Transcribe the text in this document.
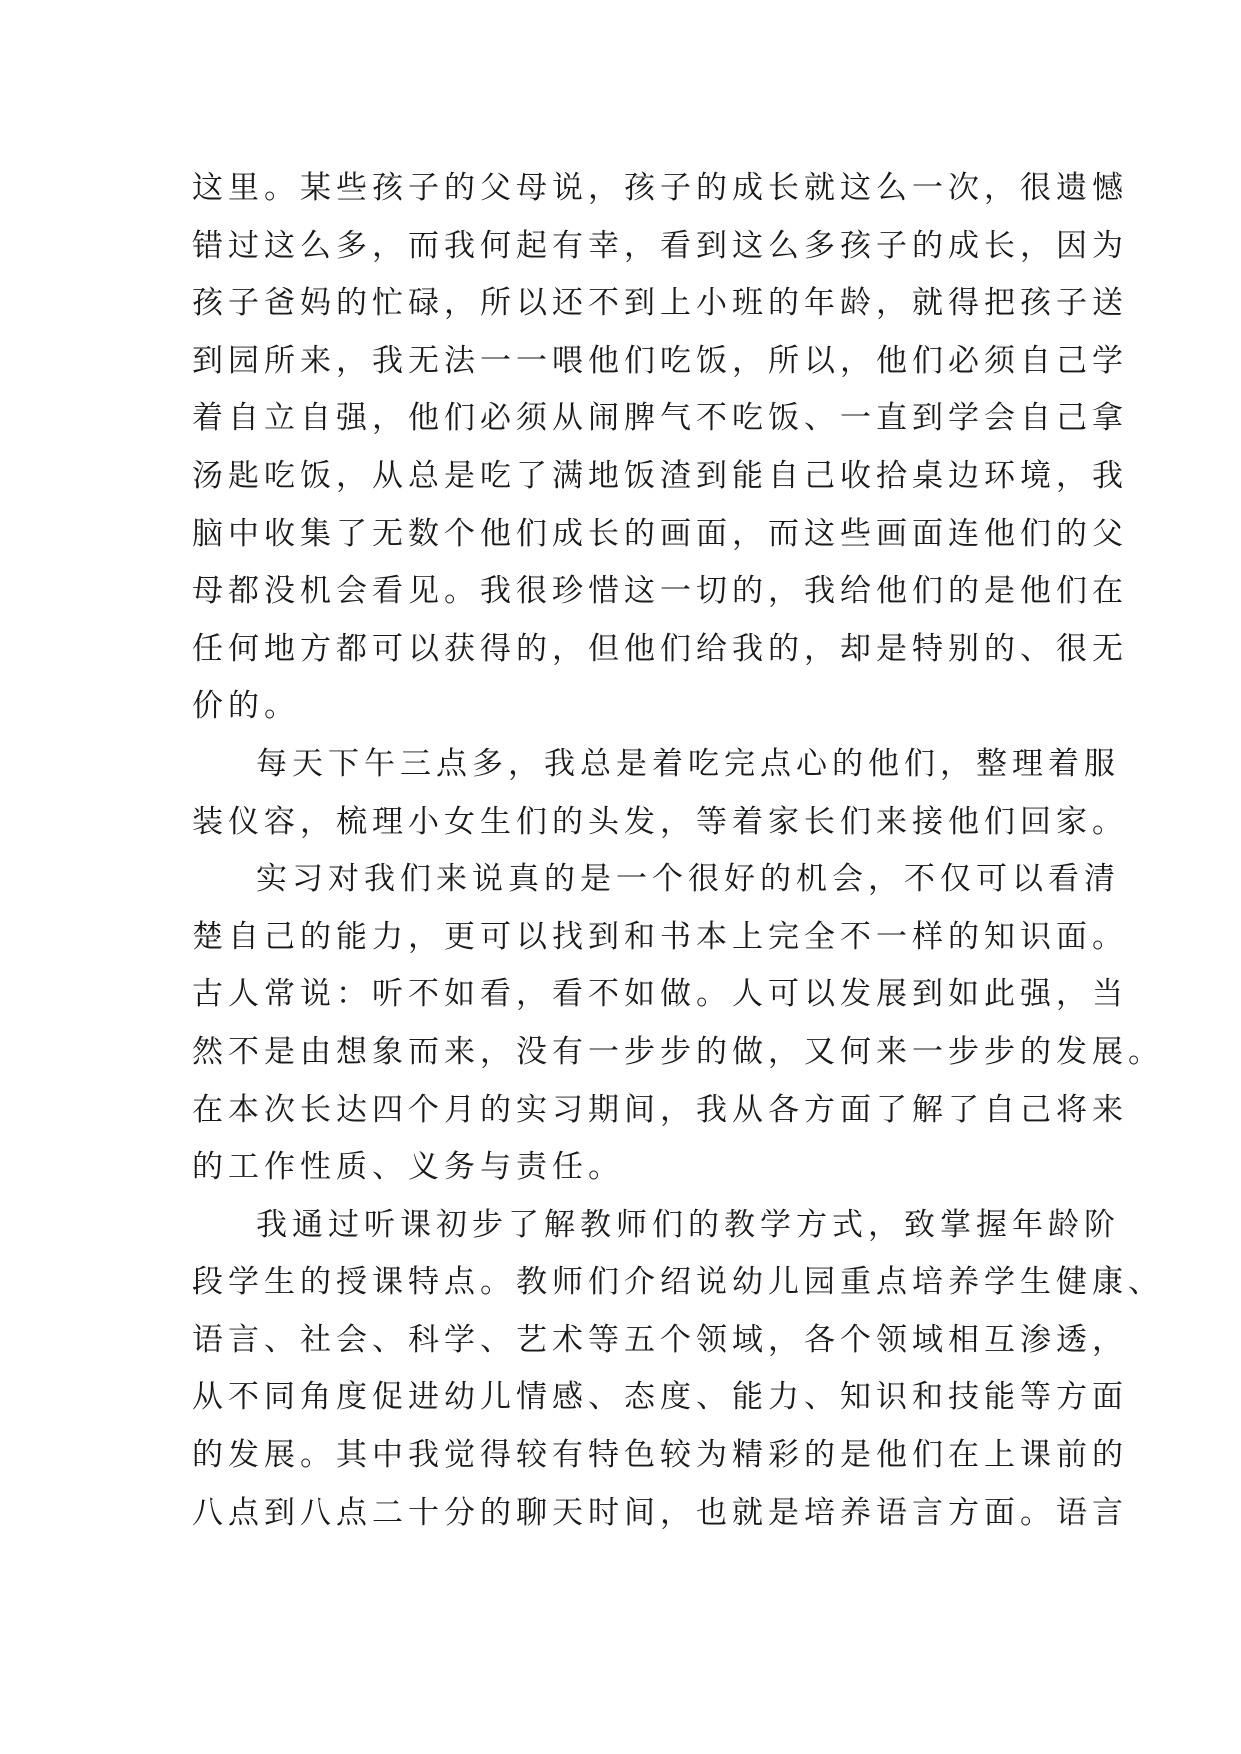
这里。某些孩子的父母说，孩子的成长就这么一次，很遗憾
错过这么多，而我何起有幸，看到这么多孩子的成长，因为
孩子爸妈的忙碌，所以还不到上小班的年龄，就得把孩子送
到园所来，我无法一一喂他们吃饭，所以，他们必须自己学
着自立自强，他们必须从闹脾气不吃饭、一直到学会自己拿
汤匙吃饭，从总是吃了满地饭渣到能自己收拾桌边环境，我
脑中收集了无数个他们成长的画面，而这些画面连他们的父
母都没机会看见。我很珍惜这一切的，我给他们的是他们在
任何地方都可以获得的，但他们给我的，却是特别的、很无
价的。
每天下午三点多，我总是着吃完点心的他们，整理着服
装仪容，梳理小女生们的头发，等着家长们来接他们回家。
实习对我们来说真的是一个很好的机会，不仅可以看清
楚自己的能力，更可以找到和书本上完全不一样的知识面。
古人常说：听不如看，看不如做。人可以发展到如此强，当
然不是由想象而来，没有一步步的做，又何来一步步的发展。
在本次长达四个月的实习期间，我从各方面了解了自己将来
的工作性质、义务与责任。
我通过听课初步了解教师们的教学方式，致掌握年龄阶
段学生的授课特点。教师们介绍说幼儿园重点培养学生健康、
语言、社会、科学、艺术等五个领域，各个领域相互渗透，
从不同角度促进幼儿情感、态度、能力、知识和技能等方面
的发展。其中我觉得较有特色较为精彩的是他们在上课前的
八点到八点二十分的聊天时间，也就是培养语言方面。语言
